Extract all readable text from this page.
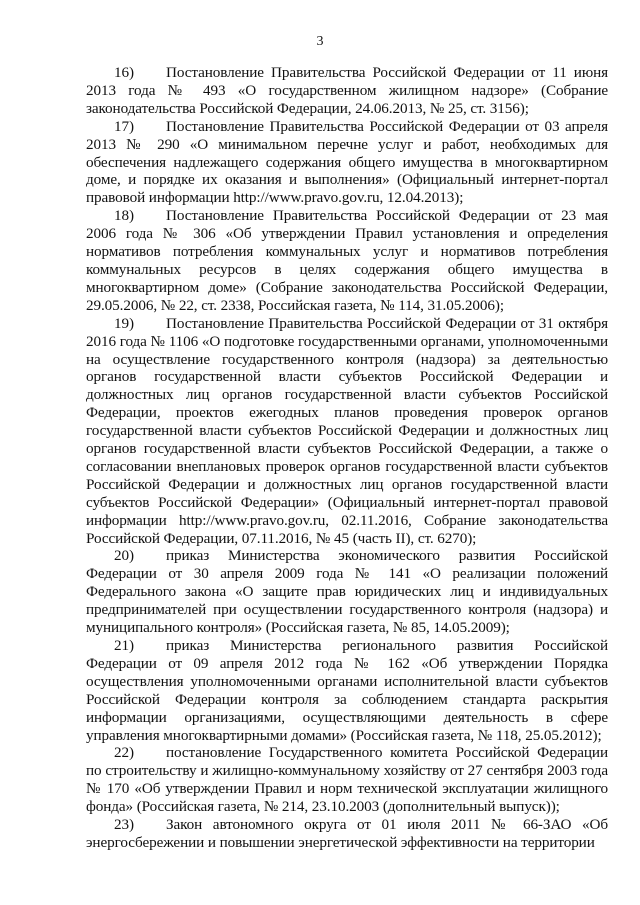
3

16) Постановление Правительства Российской Федерации от 11 июня 2013 года № 493 «О государственном жилищном надзоре» (Собрание законодательства Российской Федерации, 24.06.2013, № 25, ст. 3156);

17) Постановление Правительства Российской Федерации от 03 апреля 2013 № 290 «О минимальном перечне услуг и работ, необходимых для обеспечения надлежащего содержания общего имущества в многоквартирном доме, и порядке их оказания и выполнения» (Официальный интернет-портал правовой информации http://www.pravo.gov.ru, 12.04.2013);

18) Постановление Правительства Российской Федерации от 23 мая 2006 года № 306 «Об утверждении Правил установления и определения нормативов потребления коммунальных услуг и нормативов потребления коммунальных ресурсов в целях содержания общего имущества в многоквартирном доме» (Собрание законодательства Российской Федерации, 29.05.2006, № 22, ст. 2338, Российская газета, № 114, 31.05.2006);

19) Постановление Правительства Российской Федерации от 31 октября 2016 года № 1106 «О подготовке государственными органами, уполномоченными на осуществление государственного контроля (надзора) за деятельностью органов государственной власти субъектов Российской Федерации и должностных лиц органов государственной власти субъектов Российской Федерации, проектов ежегодных планов проведения проверок органов государственной власти субъектов Российской Федерации и должностных лиц органов государственной власти субъектов Российской Федерации, а также о согласовании внеплановых проверок органов государственной власти субъектов Российской Федерации и должностных лиц органов государственной власти субъектов Российской Федерации» (Официальный интернет-портал правовой информации http://www.pravo.gov.ru, 02.11.2016, Собрание законодательства Российской Федерации, 07.11.2016, № 45 (часть II), ст. 6270);

20) приказ Министерства экономического развития Российской Федерации от 30 апреля 2009 года № 141 «О реализации положений Федерального закона «О защите прав юридических лиц и индивидуальных предпринимателей при осуществлении государственного контроля (надзора) и муниципального контроля» (Российская газета, № 85, 14.05.2009);

21) приказ Министерства регионального развития Российской Федерации от 09 апреля 2012 года № 162 «Об утверждении Порядка осуществления уполномоченными органами исполнительной власти субъектов Российской Федерации контроля за соблюдением стандарта раскрытия информации организациями, осуществляющими деятельность в сфере управления многоквартирными домами» (Российская газета, № 118, 25.05.2012);

22) постановление Государственного комитета Российской Федерации по строительству и жилищно-коммунальному хозяйству от 27 сентября 2003 года № 170 «Об утверждении Правил и норм технической эксплуатации жилищного фонда» (Российская газета, № 214, 23.10.2003 (дополнительный выпуск));

23) Закон автономного округа от 01 июля 2011 № 66-ЗАО «Об энергосбережении и повышении энергетической эффективности на территории
